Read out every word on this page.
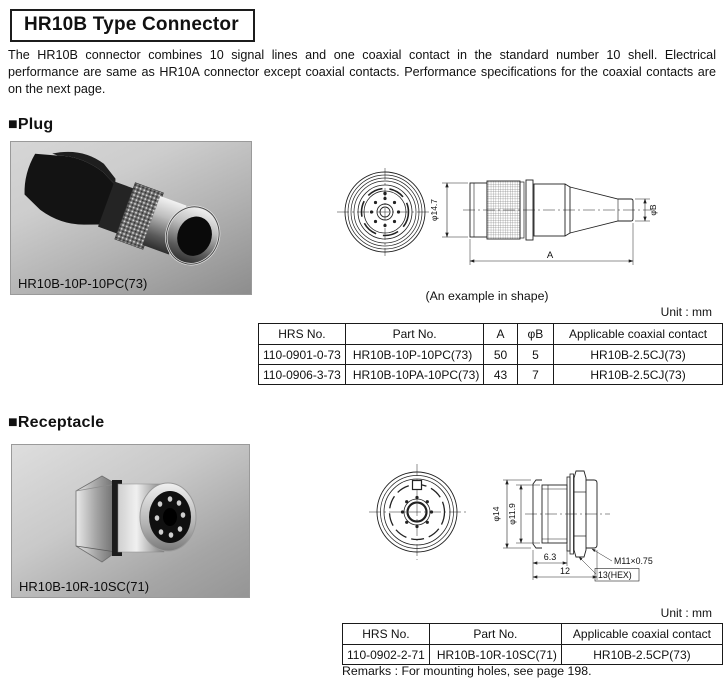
HR10B Type Connector
The HR10B connector combines 10 signal lines and one coaxial contact in the standard number 10 shell. Electrical performance are same as HR10A connector except coaxial contacts. Performance specifications for the coaxial contacts are on the next page.
■Plug
HR10B-10P-10PC(73)
φ14.7
A
φB
(An example in shape)
Unit : mm
HRS No.	Part No.	A	φB	Applicable coaxial contact
110-0901-0-73	HR10B-10P-10PC(73)	50	5	HR10B-2.5CJ(73)
110-0906-3-73	HR10B-10PA-10PC(73)	43	7	HR10B-2.5CJ(73)
■Receptacle
HR10B-10R-10SC(71)
φ14 φ11.9
6.3
12
M11×0.75
13(HEX)
Unit : mm
HRS No.	Part No.	Applicable coaxial contact
110-0902-2-71	HR10B-10R-10SC(71)	HR10B-2.5CP(73)
Remarks : For mounting holes, see page 198.
